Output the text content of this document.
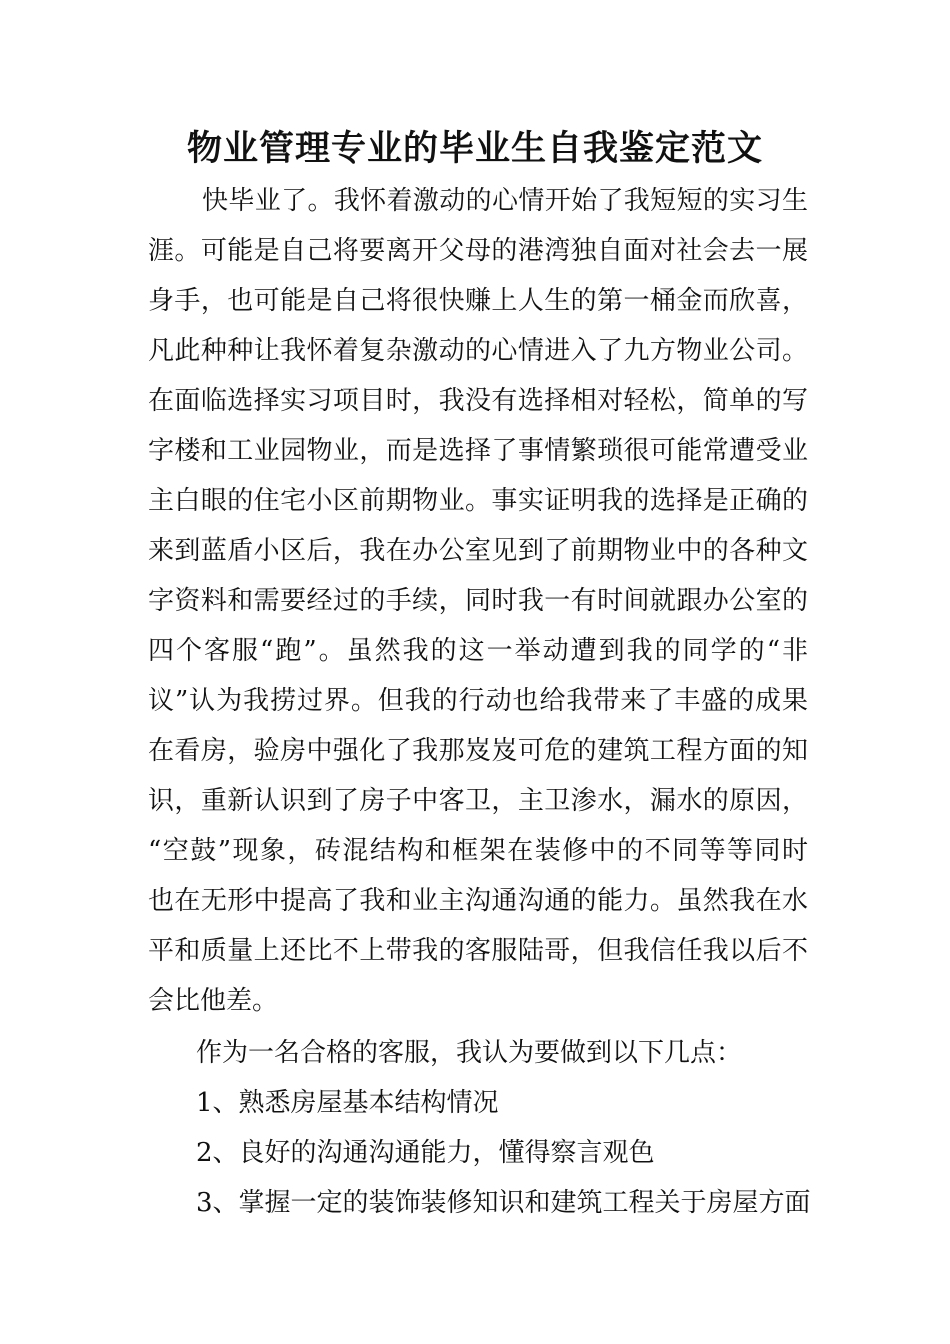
物业管理专业的毕业生自我鉴定范文

快毕业了。我怀着激动的心情开始了我短短的实习生

涯。可能是自己将要离开父母的港湾独自面对社会去一展

身手，也可能是自己将很快赚上人生的第一桶金而欣喜，

凡此种种让我怀着复杂激动的心情进入了九方物业公司。

在面临选择实习项目时，我没有选择相对轻松，简单的写

字楼和工业园物业，而是选择了事情繁琐很可能常遭受业

主白眼的住宅小区前期物业。事实证明我的选择是正确的

来到蓝盾小区后，我在办公室见到了前期物业中的各种文

字资料和需要经过的手续，同时我一有时间就跟办公室的

四个客服“跑”。虽然我的这一举动遭到我的同学的“非

议”认为我捞过界。但我的行动也给我带来了丰盛的成果

在看房，验房中强化了我那岌岌可危的建筑工程方面的知

识，重新认识到了房子中客卫，主卫渗水，漏水的原因，

“空鼓”现象，砖混结构和框架在装修中的不同等等同时

也在无形中提高了我和业主沟通沟通的能力。虽然我在水

平和质量上还比不上带我的客服陆哥，但我信任我以后不

会比他差。

作为一名合格的客服，我认为要做到以下几点：

1、熟悉房屋基本结构情况

2、良好的沟通沟通能力，懂得察言观色

3、掌握一定的装饰装修知识和建筑工程关于房屋方面
